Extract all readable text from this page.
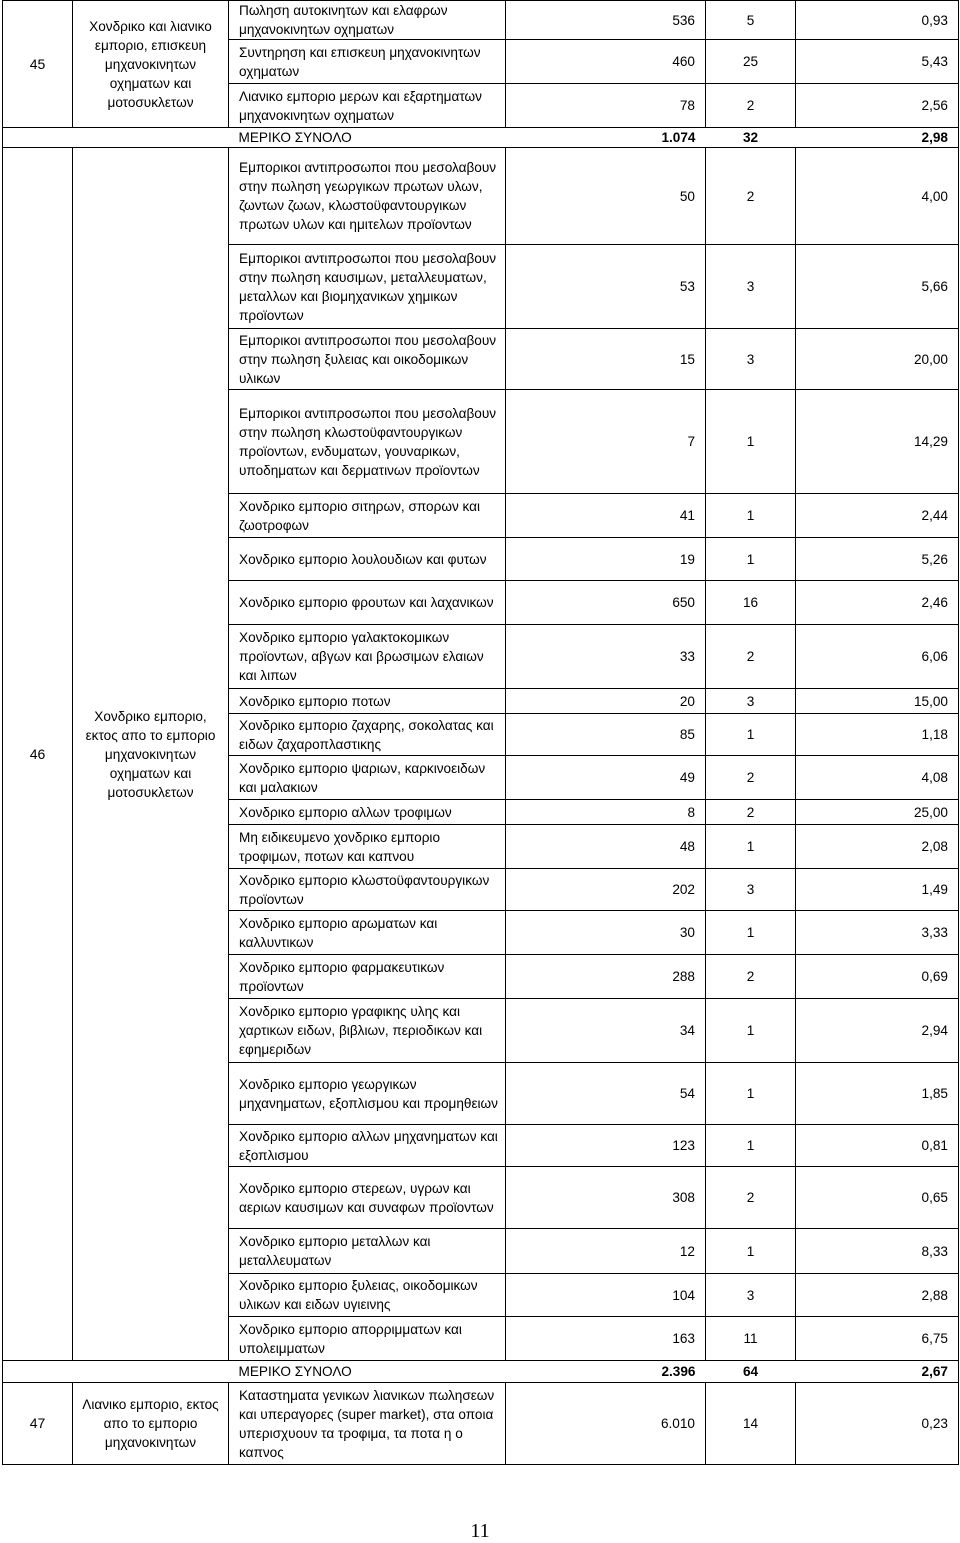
45	Χονδρικο και λιανικο εμποριο, επισκευη μηχανοκινητων οχηματων και μοτοσυκλετων	Πωληση αυτοκινητων και ελαφρων μηχανοκινητων οχηματων	536	5	0,93
		Συντηρηση και επισκευη μηχανοκινητων οχηματων	460	25	5,43
		Λιανικο εμποριο μερων και εξαρτηματων μηχανοκινητων οχηματων	78	2	2,56
		ΜΕΡΙΚΟ ΣΥΝΟΛΟ	1.074	32	2,98
46	Χονδρικο εμποριο, εκτος απο το εμποριο μηχανοκινητων οχηματων και μοτοσυκλετων	Εμπορικοι αντιπροσωποι που μεσολαβουν στην πωληση γεωργικων πρωτων υλων, ζωντων ζωων, κλωστοϋφαντουργικων πρωτων υλων και ημιτελων προϊοντων	50	2	4,00
		Εμπορικοι αντιπροσωποι που μεσολαβουν στην πωληση καυσιμων, μεταλλευματων, μεταλλων και βιομηχανικων χημικων προϊοντων	53	3	5,66
		Εμπορικοι αντιπροσωποι που μεσολαβουν στην πωληση ξυλειας και οικοδομικων υλικων	15	3	20,00
		Εμπορικοι αντιπροσωποι που μεσολαβουν στην πωληση κλωστοϋφαντουργικων προϊοντων, ενδυματων, γουναρικων, υποδηματων και δερματινων προϊοντων	7	1	14,29
		Χονδρικο εμποριο σιτηρων, σπορων και ζωοτροφων	41	1	2,44
		Χονδρικο εμποριο λουλουδιων και φυτων	19	1	5,26
		Χονδρικο εμποριο φρουτων και λαχανικων	650	16	2,46
		Χονδρικο εμποριο γαλακτοκομικων προϊοντων, αβγων και βρωσιμων ελαιων και λιπων	33	2	6,06
		Χονδρικο εμποριο ποτων	20	3	15,00
		Χονδρικο εμποριο ζαχαρης, σοκολατας και ειδων ζαχαροπλαστικης	85	1	1,18
		Χονδρικο εμποριο ψαριων, καρκινοειδων και μαλακιων	49	2	4,08
		Χονδρικο εμποριο αλλων τροφιμων	8	2	25,00
		Μη ειδικευμενο χονδρικο εμποριο τροφιμων, ποτων και καπνου	48	1	2,08
		Χονδρικο εμποριο κλωστοϋφαντουργικων προϊοντων	202	3	1,49
		Χονδρικο εμποριο αρωματων και καλλυντικων	30	1	3,33
		Χονδρικο εμποριο φαρμακευτικων προϊοντων	288	2	0,69
		Χονδρικο εμποριο γραφικης υλης και χαρτικων ειδων, βιβλιων, περιοδικων και εφημεριδων	34	1	2,94
		Χονδρικο εμποριο γεωργικων μηχανηματων, εξοπλισμου και προμηθειων	54	1	1,85
		Χονδρικο εμποριο αλλων μηχανηματων και εξοπλισμου	123	1	0,81
		Χονδρικο εμποριο στερεων, υγρων και αεριων καυσιμων και συναφων προϊοντων	308	2	0,65
		Χονδρικο εμποριο μεταλλων και μεταλλευματων	12	1	8,33
		Χονδρικο εμποριο ξυλειας, οικοδομικων υλικων και ειδων υγιεινης	104	3	2,88
		Χονδρικο εμποριο απορριμματων και υπολειμματων	163	11	6,75
		ΜΕΡΙΚΟ ΣΥΝΟΛΟ	2.396	64	2,67
47	Λιανικο εμποριο, εκτος απο το εμποριο μηχανοκινητων	Καταστηματα γενικων λιανικων πωλησεων και υπεραγορες (super market), στα οποια υπερισχυουν τα τροφιμα, τα ποτα η ο καπνος	6.010	14	0,23
11
